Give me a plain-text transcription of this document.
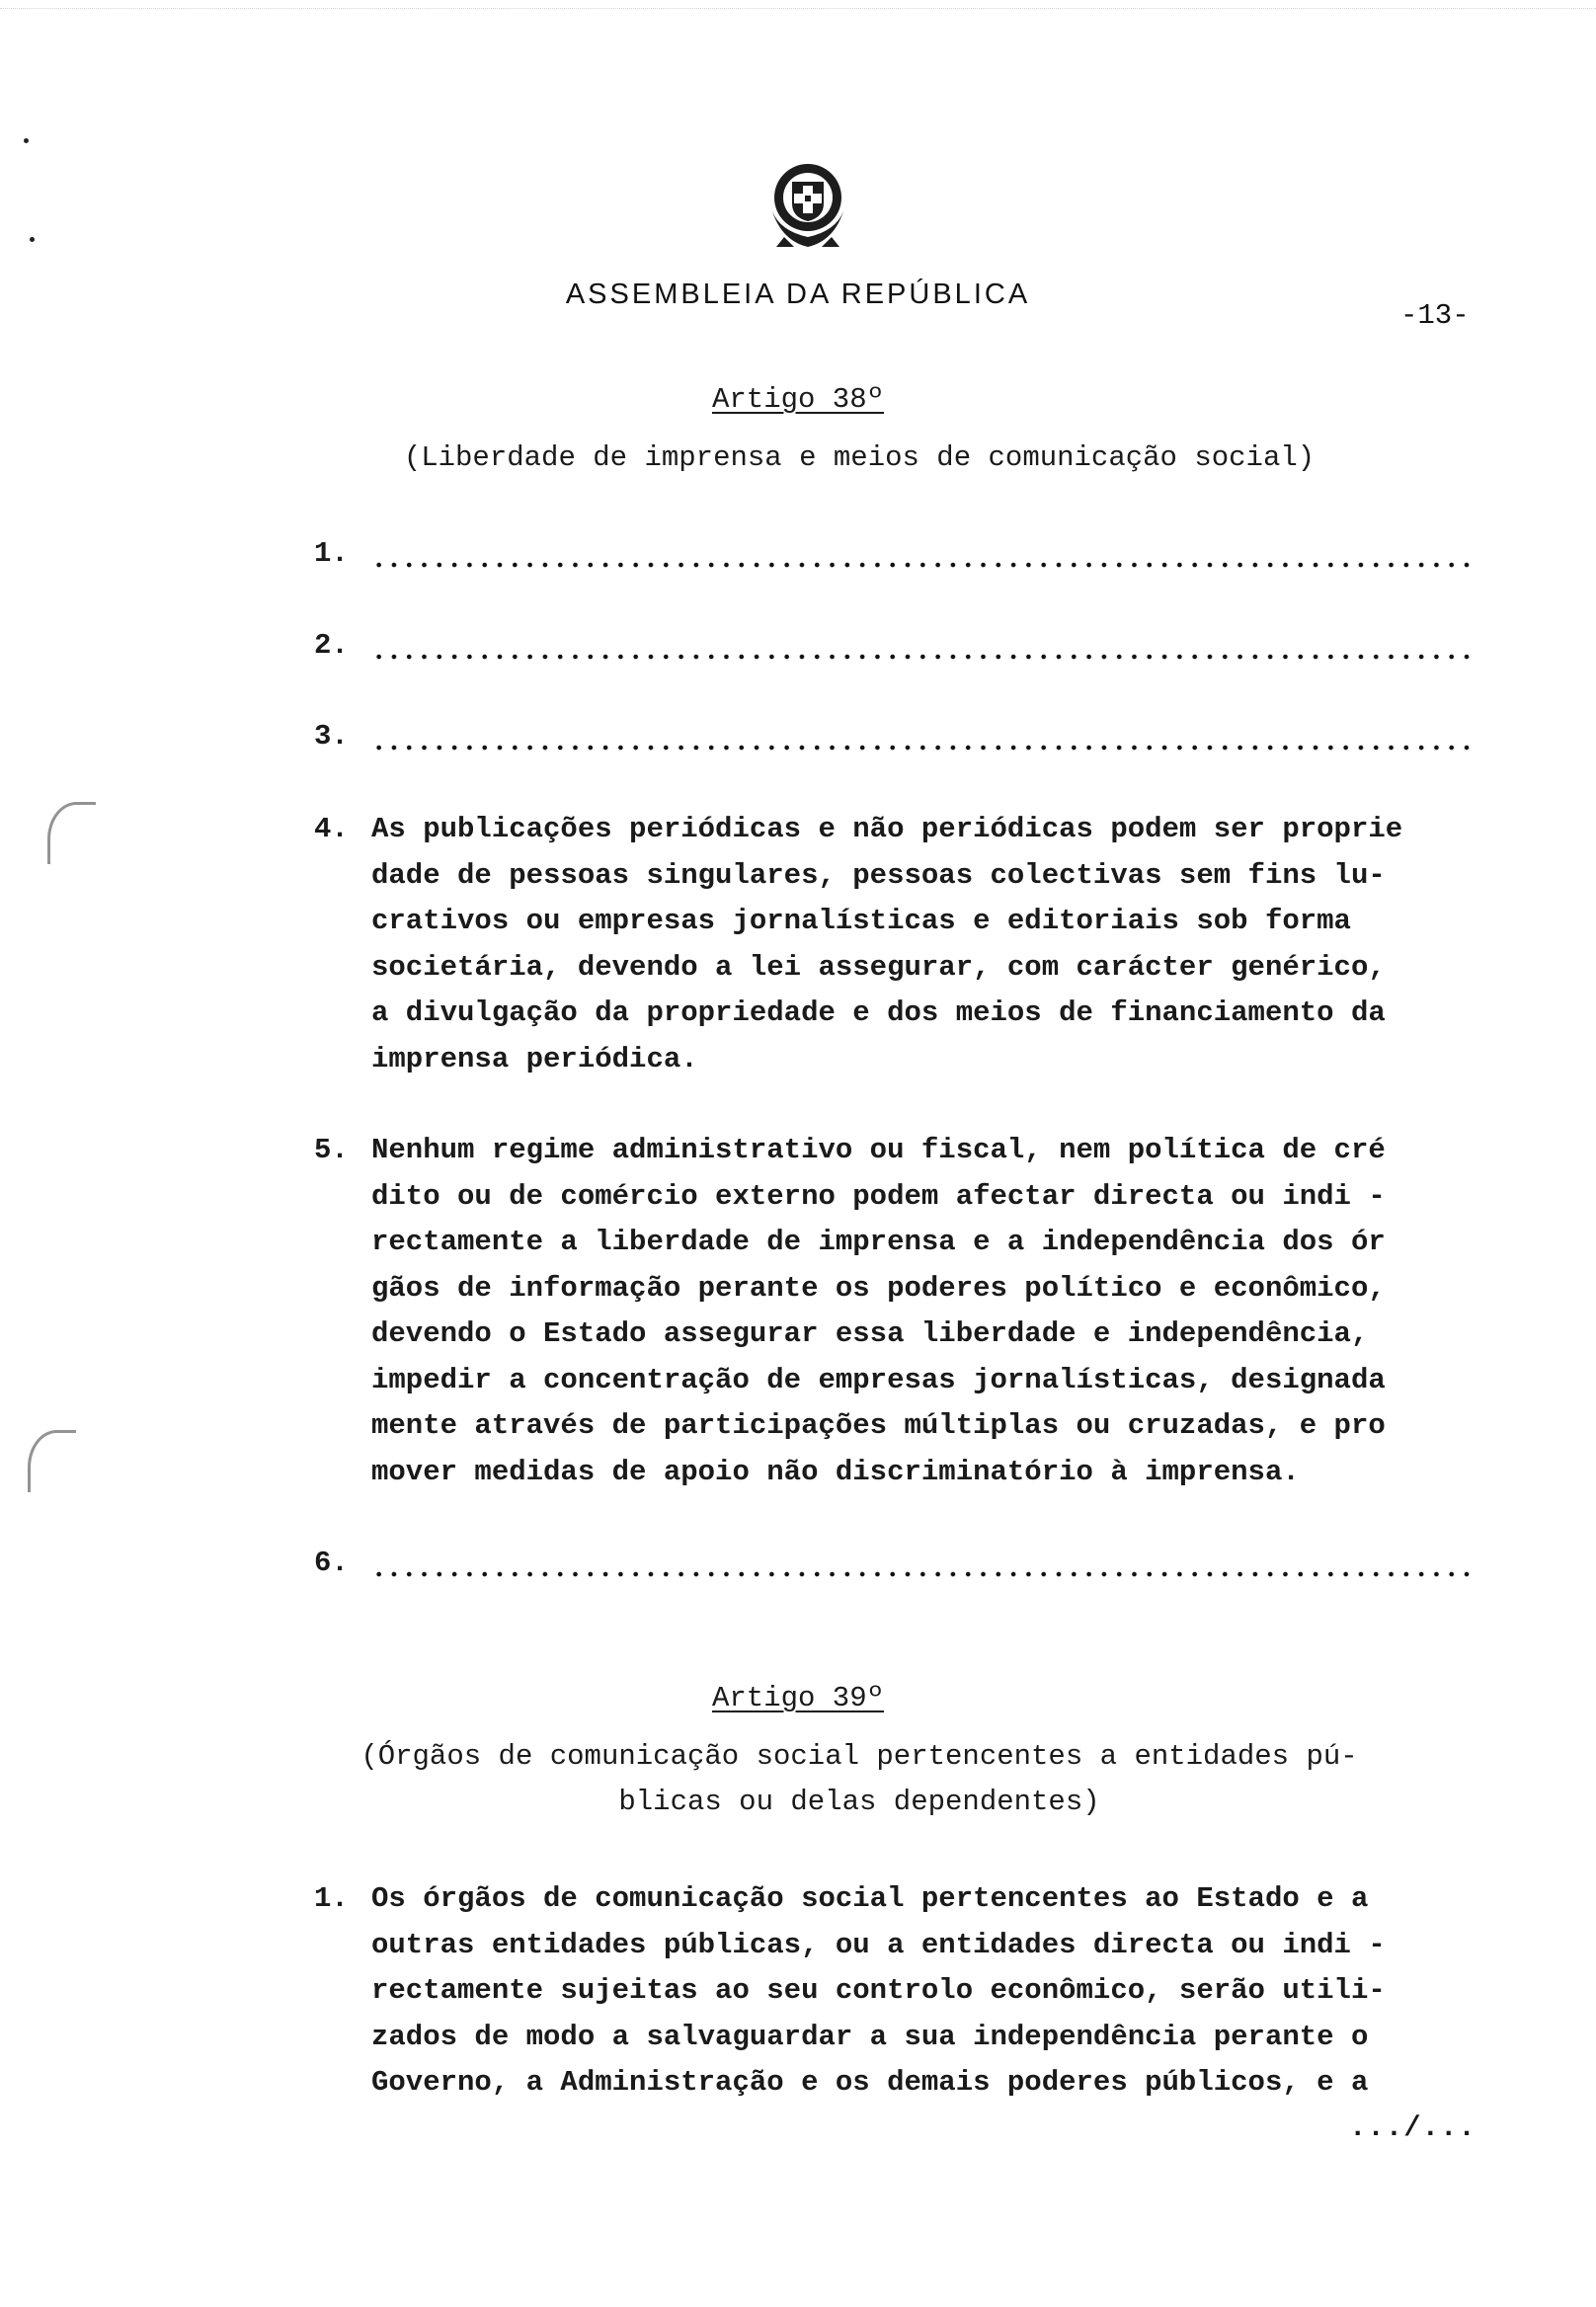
ASSEMBLEIA DA REPÚBLICA
-13-
Artigo 38º
(Liberdade de imprensa e meios de comunicação social)
1.
2.
3.
4. As publicações periódicas e não periódicas podem ser proprie
dade de pessoas singulares, pessoas colectivas sem fins lu-
crativos ou empresas jornalísticas e editoriais sob forma
societária, devendo a lei assegurar, com carácter genérico,
a divulgação da propriedade e dos meios de financiamento da
imprensa periódica.
5. Nenhum regime administrativo ou fiscal, nem política de cré
dito ou de comércio externo podem afectar directa ou indi -
rectamente a liberdade de imprensa e a independência dos ór
gãos de informação perante os poderes político e econômico,
devendo o Estado assegurar essa liberdade e independência,
impedir a concentração de empresas jornalísticas, designada
mente através de participações múltiplas ou cruzadas, e pro
mover medidas de apoio não discriminatório à imprensa.
6.
Artigo 39º
(Órgãos de comunicação social pertencentes a entidades pú-
blicas ou delas dependentes)
1. Os órgãos de comunicação social pertencentes ao Estado e a
outras entidades públicas, ou a entidades directa ou indi -
rectamente sujeitas ao seu controlo econômico, serão utili-
zados de modo a salvaguardar a sua independência perante o
Governo, a Administração e os demais poderes públicos, e a
.../...
